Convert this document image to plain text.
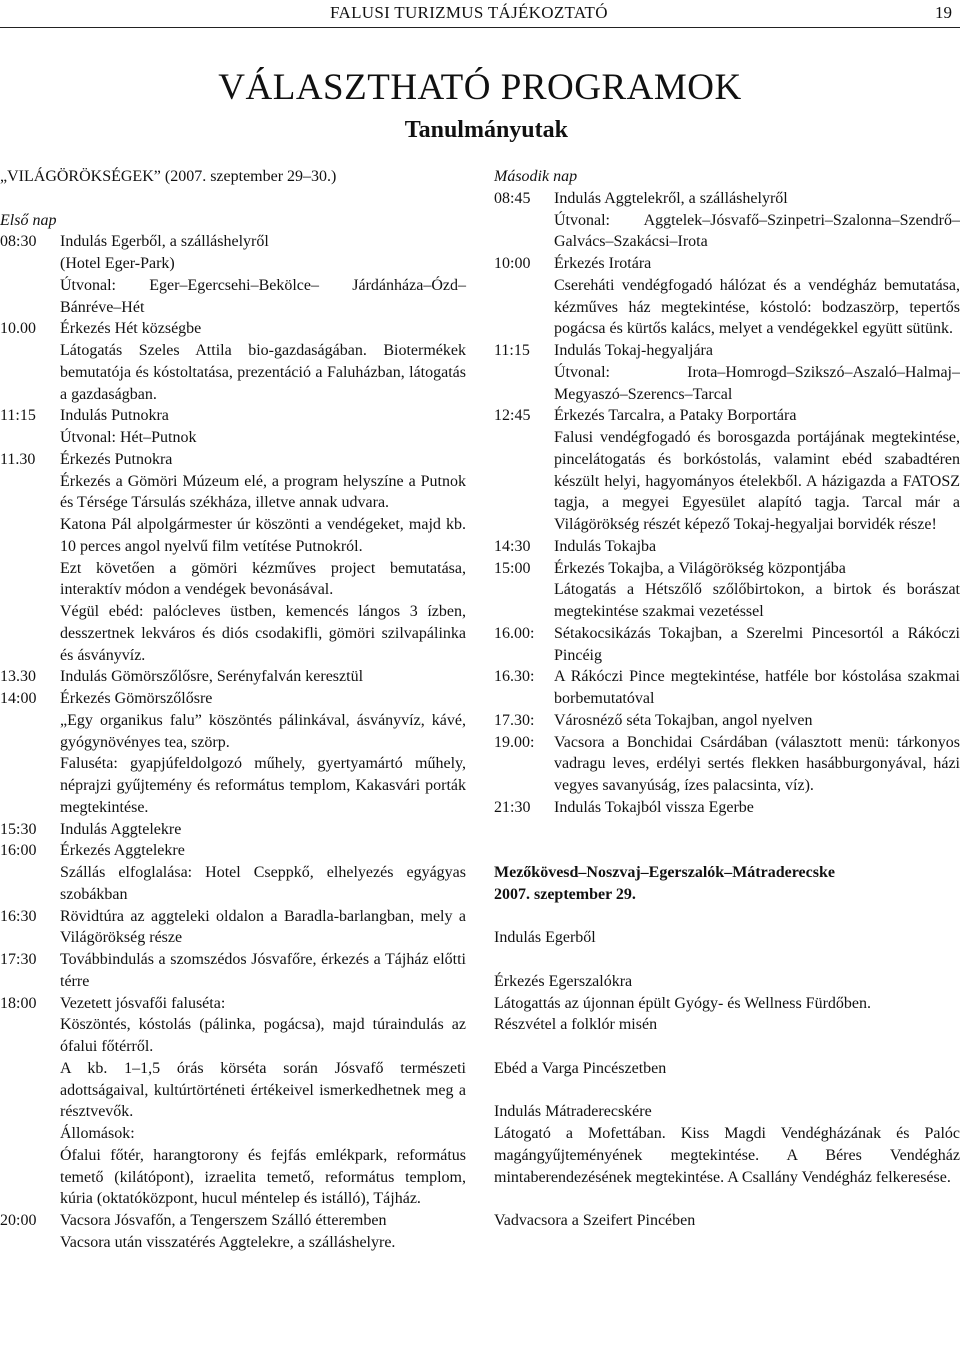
FALUSI TURIZMUS TÁJÉKOZTATÓ	19
VÁLASZTHATÓ PROGRAMOK
Tanulmányutak
„VILÁGÖRÖKSÉGEK” (2007. szeptember 29–30.)
Első nap
08:30	Indulás Egerből, a szálláshelyről
(Hotel Eger-Park)
Útvonal: Eger–Egercsehi–Bekölce– Járdánháza–Ózd–Bánréve–Hét
10.00	Érkezés Hét községbe
Látogatás Szeles Attila bio-gazdaságában. Biotermékek bemutatója és kóstoltatása, prezentáció a Faluházban, látogatás a gazdaságban.
11:15	Indulás Putnokra
Útvonal: Hét–Putnok
11.30	Érkezés Putnokra
Érkezés a Gömöri Múzeum elé, a program helyszíne a Putnok és Térsége Társulás székháza, illetve annak udvara.
Katona Pál alpolgármester úr köszönti a vendégeket, majd kb. 10 perces angol nyelvű film vetítése Putnokról.
Ezt követően a gömöri kézműves project bemutatása, interaktív módon a vendégek bevonásával.
Végül ebéd: palócleves üstben, kemencés lángos 3 ízben, desszertnek lekváros és diós csodakifli, gömöri szilvapálinka és ásványvíz.
13.30	Indulás Gömörszőlősre, Serényfalván keresztül
14:00	Érkezés Gömörszőlősre
„Egy organikus falu” köszöntés pálinkával, ásványvíz, kávé, gyógynövényes tea, szörp.
Faluséta: gyapjúfeldolgozó műhely, gyertyamártó műhely, néprajzi gyűjtemény és református templom, Kakasvári porták megtekintése.
15:30	Indulás Aggtelekre
16:00	Érkezés Aggtelekre
Szállás elfoglalása: Hotel Cseppkő, elhelyezés egyágyas szobákban
16:30	Rövidtúra az aggteleki oldalon a Baradla-barlangban, mely a Világörökség része
17:30	Továbbindulás a szomszédos Jósvafőre, érkezés a Tájház előtti térre
18:00	Vezetett jósvafői faluséta:
Köszöntés, kóstolás (pálinka, pogácsa), majd túraindulás az ófalui főtérről.
A kb. 1–1,5 órás körséta során Jósvafő természeti adottságaival, kultúrtörténeti értékeivel ismerkedhetnek meg a résztvevők.
Állomások:
Ófalui főtér, harangtorony és fejfás emlékpark, református temető (kilátópont), izraelita temető, református templom, kúria (oktatóközpont, hucul méntelep és istálló), Tájház.
20:00	Vacsora Jósvafőn, a Tengerszem Szálló étteremben
Vacsora után visszatérés Aggtelekre, a szálláshelyre.
Második nap
08:45	Indulás Aggtelekről, a szálláshelyről
Útvonal: Aggtelek–Jósvafő–Szinpetri–Szalonna–Szendrő–Galvács–Szakácsi–Irota
10:00	Érkezés Irotára
Csereháti vendégfogadó hálózat és a vendégház bemutatása, kézműves ház megtekintése, kóstoló: bodzaszörp, tepertős pogácsa és kürtős kalács, melyet a vendégekkel együtt sütünk.
11:15	Indulás Tokaj-hegyaljára
Útvonal: Irota–Homrogd–Szikszó–Aszaló–Halmaj–Megyaszó–Szerencs–Tarcal
12:45	Érkezés Tarcalra, a Pataky Borportára
Falusi vendégfogadó és borosgazda portájának megtekintése, pincelátogatás és borkóstolás, valamint ebéd szabadtéren készült helyi, hagyományos ételekből. A házigazda a FATOSZ tagja, a megyei Egyesület alapító tagja. Tarcal már a Világörökség részét képező Tokaj-hegyaljai borvidék része!
14:30	Indulás Tokajba
15:00	Érkezés Tokajba, a Világörökség központjába
Látogatás a Hétszőlő szőlőbirtokon, a birtok és borászat megtekintése szakmai vezetéssel
16.00:	Sétakocsikázás Tokajban, a Szerelmi Pincesortól a Rákóczi Pincéig
16.30:	A Rákóczi Pince megtekintése, hatféle bor kóstolása szakmai borbemutatóval
17.30:	Városnéző séta Tokajban, angol nyelven
19.00:	Vacsora a Bonchidai Csárdában (választott menü: tárkonyos vadragu leves, erdélyi sertés flekken hasábburgonyával, házi vegyes savanyúság, ízes palacsinta, víz).
21:30	Indulás Tokajból vissza Egerbe
Mezőkövesd–Noszvaj–Egerszalók–Mátraderecske
2007. szeptember 29.
Indulás Egerből
Érkezés Egerszalókra
Látogattás az újonnan épült Gyógy- és Wellness Fürdőben.
Részvétel a folklór misén
Ebéd a Varga Pincészetben
Indulás Mátraderecskére
Látogató a Mofettában. Kiss Magdi Vendégházának és Palóc magángyűjteményének megtekintése. A Béres Vendégház mintaberendezésének megtekintése. A Csallány Vendégház felkeresése.
Vadvacsora a Szeifert Pincében
